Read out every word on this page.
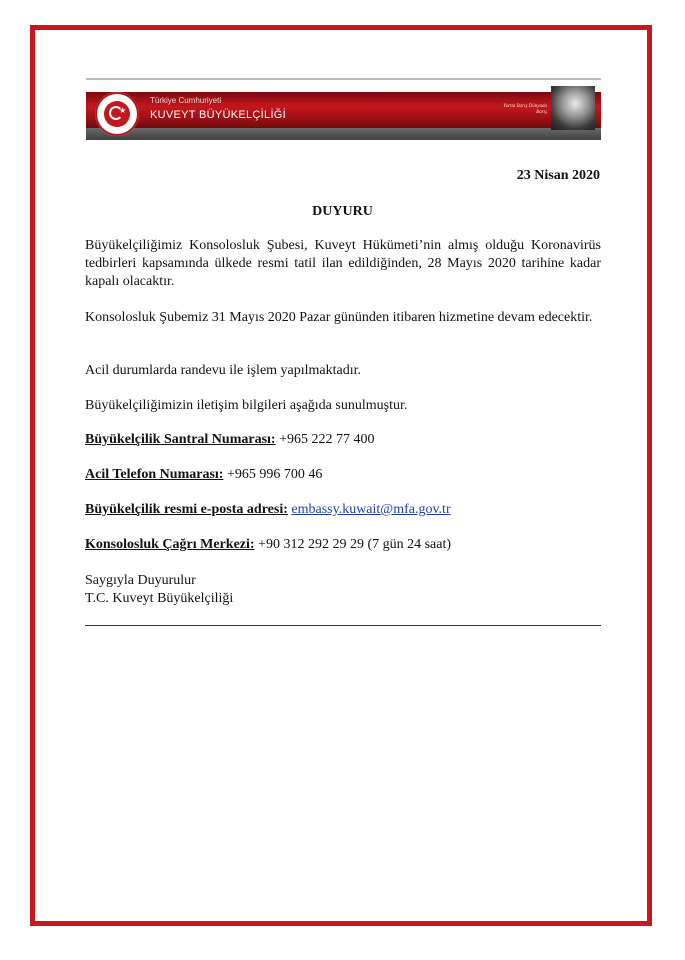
★
Türkiye Cumhuriyeti
KUVEYT BÜYÜKELÇİLİĞİ
Yurtta Barış Dünyada Barış
23 Nisan 2020
DUYURU
Büyükelçiliğimiz Konsolosluk Şubesi, Kuveyt Hükümeti’nin almış olduğu Koronavirüs tedbirleri kapsamında ülkede resmi tatil ilan edildiğinden, 28 Mayıs 2020 tarihine kadar kapalı olacaktır.
Konsolosluk Şubemiz 31 Mayıs 2020 Pazar gününden itibaren hizmetine devam edecektir.
Acil durumlarda randevu ile işlem yapılmaktadır.
Büyükelçiliğimizin iletişim bilgileri aşağıda sunulmuştur.
Büyükelçilik Santral Numarası: +965 222 77 400
Acil Telefon Numarası: +965 996 700 46
Büyükelçilik resmi e-posta adresi: embassy.kuwait@mfa.gov.tr
Konsolosluk Çağrı Merkezi: +90 312 292 29 29 (7 gün 24 saat)
Saygıyla Duyurulur
T.C. Kuveyt Büyükelçiliği
